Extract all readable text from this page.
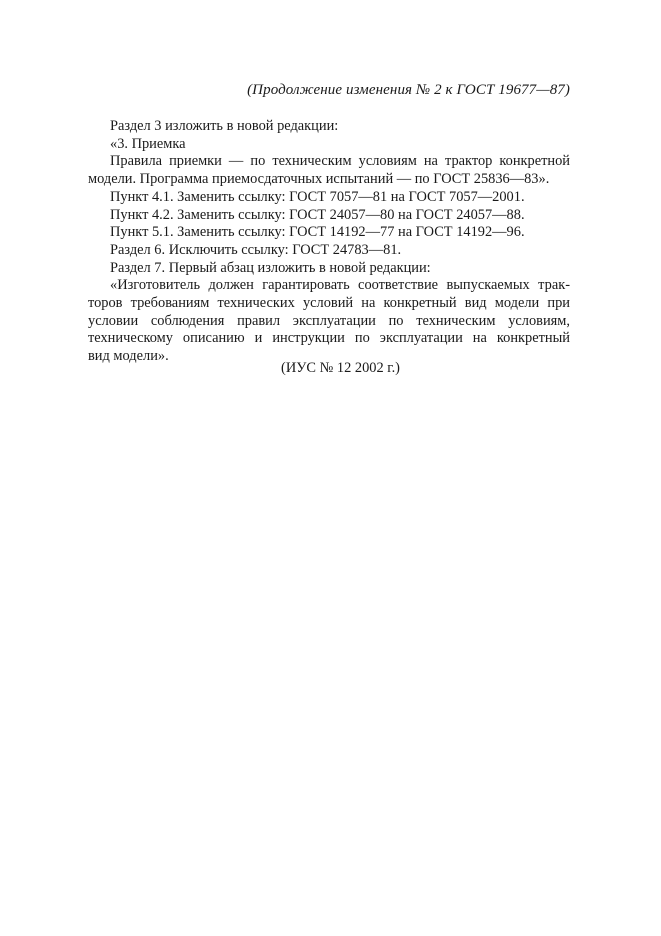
(Продолжение изменения № 2 к ГОСТ 19677—87)

Раздел 3 изложить в новой редакции:

«3. Приемка

Правила приемки — по техническим условиям на трактор конкретной

модели. Программа приемосдаточных испытаний — по ГОСТ 25836—83».

Пункт 4.1. Заменить ссылку: ГОСТ 7057—81 на ГОСТ 7057—2001.

Пункт 4.2. Заменить ссылку: ГОСТ 24057—80 на ГОСТ 24057—88.

Пункт 5.1. Заменить ссылку: ГОСТ 14192—77 на ГОСТ 14192—96.

Раздел 6. Исключить ссылку: ГОСТ 24783—81.

Раздел 7. Первый абзац изложить в новой редакции:

«Изготовитель должен гарантировать соответствие выпускаемых трак-

торов требованиям технических условий на конкретный вид модели при

условии соблюдения правил эксплуатации по техническим условиям,

техническому описанию и инструкции по эксплуатации на конкретный

вид модели».

(ИУС № 12 2002 г.)
